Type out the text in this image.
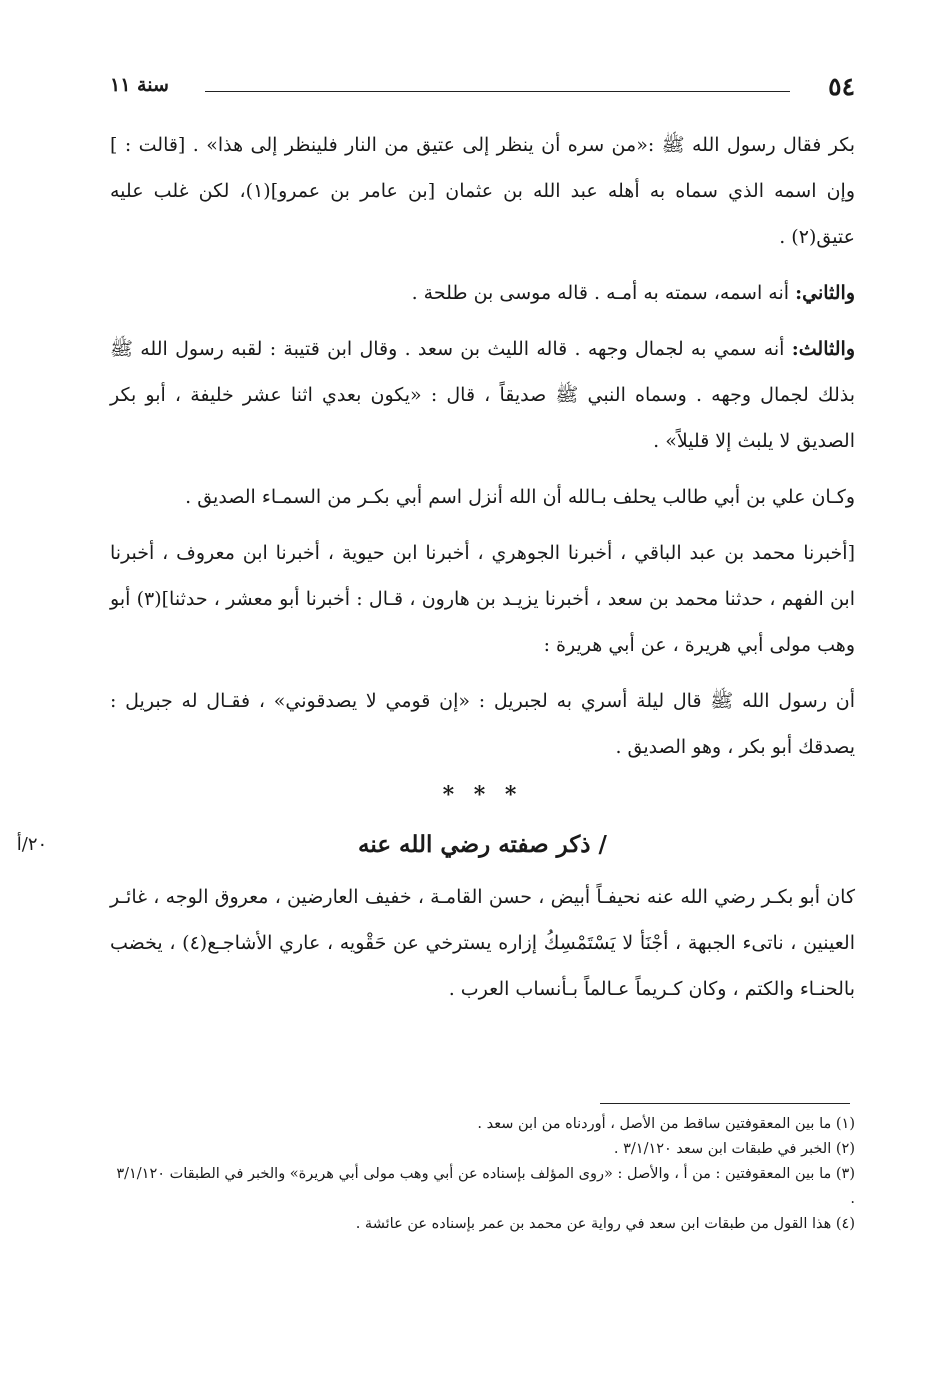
٥٤
سنة ١١

بكر فقال رسول الله ﷺ :«من سره أن ينظر إلى عتيق من النار فلينظر إلى هذا» . [قالت : ] وإن اسمه الذي سماه به أهله عبد الله بن عثمان [بن عامر بن عمرو](١)، لكن غلب عليه عتيق(٢) .

والثاني: أنه اسمه، سمته به أمـه . قاله موسى بن طلحة .

والثالث: أنه سمي به لجمال وجهه . قاله الليث بن سعد . وقال ابن قتيبة : لقبه رسول الله ﷺ بذلك لجمال وجهه . وسماه النبي ﷺ صديقاً ، قال : «يكون بعدي اثنا عشر خليفة ، أبو بكر الصديق لا يلبث إلا قليلاً» .

وكـان علي بن أبي طالب يحلف بـالله أن الله أنزل اسم أبي بكـر من السمـاء الصديق .

[أخبرنا محمد بن عبد الباقي ، أخبرنا الجوهري ، أخبرنا ابن حيوية ، أخبرنا ابن معروف ، أخبرنا ابن الفهم ، حدثنا محمد بن سعد ، أخبرنا يزيـد بن هارون ، قـال : أخبرنا أبو معشر ، حدثنا](٣) أبو وهب مولى أبي هريرة ، عن أبي هريرة :

أن رسول الله ﷺ قال ليلة أسري به لجبريل : «إن قومي لا يصدقوني» ، فقـال له جبريل : يصدقك أبو بكر ، وهو الصديق .

* * *
/ ذكر صفته رضي الله عنه
٢٠/أ

كان أبو بكـر رضي الله عنه نحيفـاً أبيض ، حسن القامـة ، خفيف العارضين ، معروق الوجه ، غائـر العينين ، ناتىء الجبهة ، أجْنَأ لا يَسْتَمْسِكُ إزاره يسترخي عن حَقْويه ، عاري الأشاجـع(٤) ، يخضب بالحنـاء والكتم ، وكان كـريماً عـالماً بـأنساب العرب .

(١) ما بين المعقوفتين ساقط من الأصل ، أوردناه من ابن سعد .

(٢) الخبر في طبقات ابن سعد ٣/١/١٢٠ .

(٣) ما بين المعقوفتين : من أ ، والأصل : «روى المؤلف بإسناده عن أبي وهب مولى أبي هريرة» والخبر في الطبقات ٣/١/١٢٠ .

(٤) هذا القول من طبقات ابن سعد في رواية عن محمد بن عمر بإسناده عن عائشة .
